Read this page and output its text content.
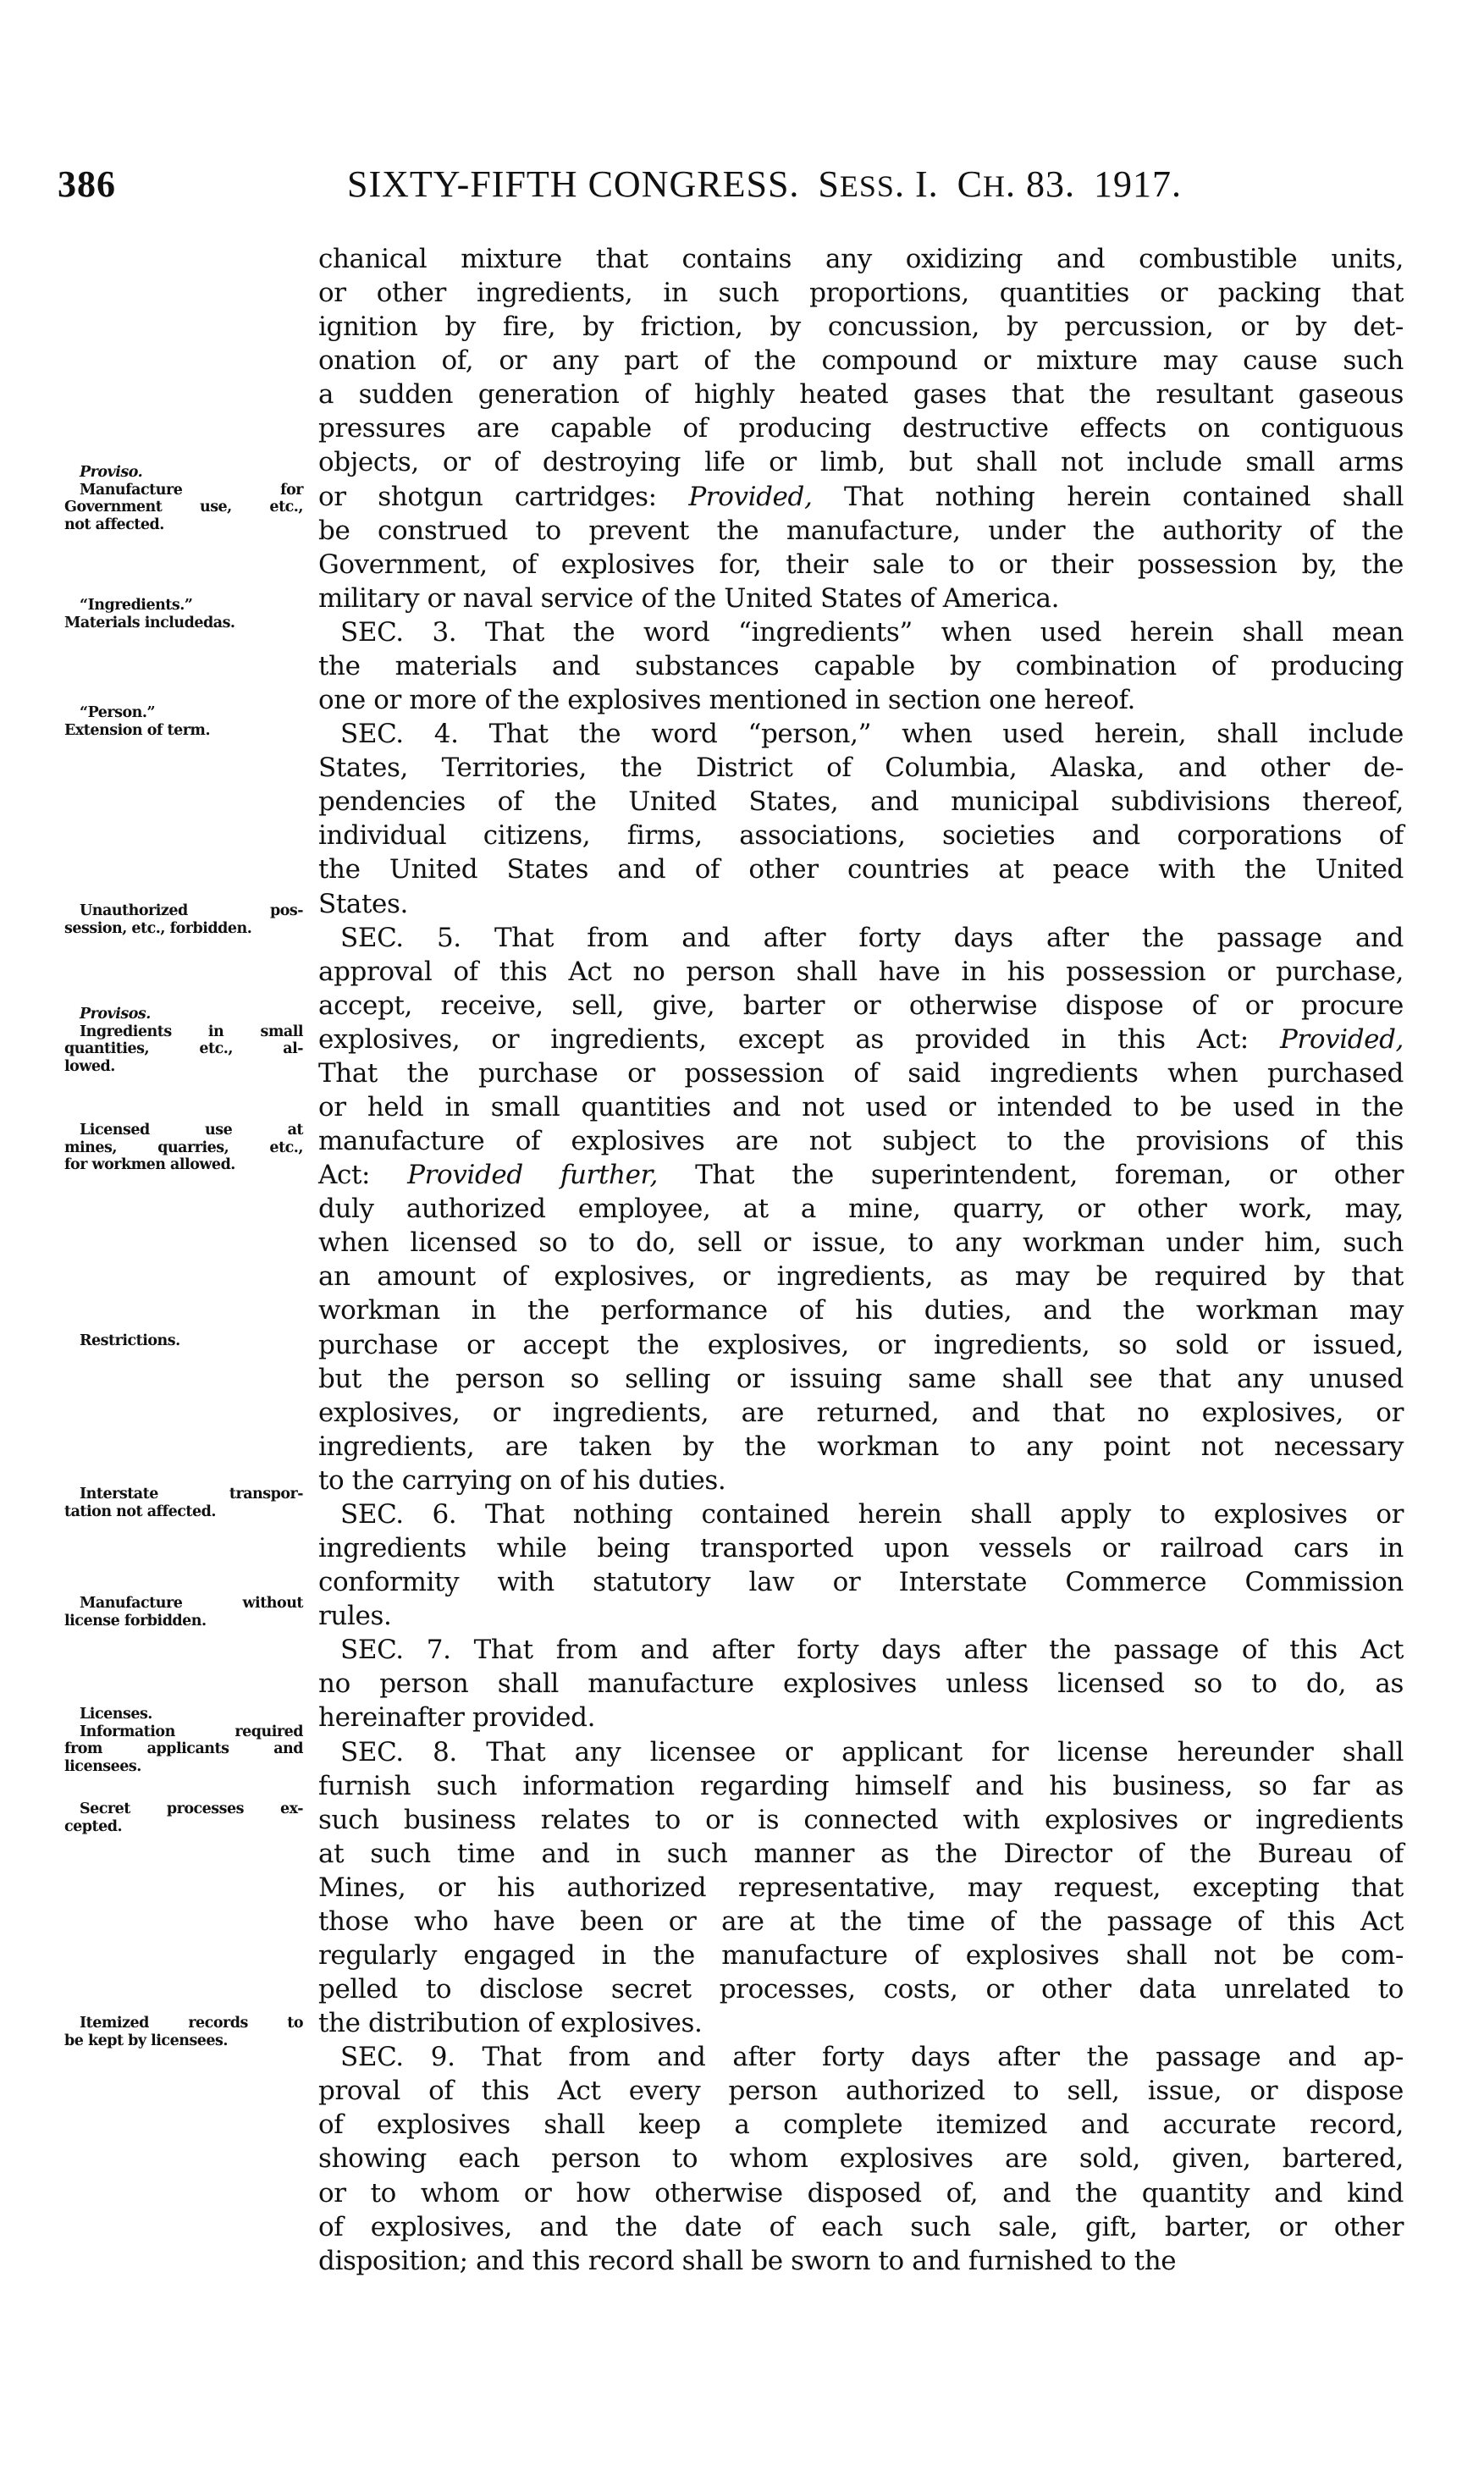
386	SIXTY-FIFTH CONGRESS. SESS. I. CH. 83. 1917.
chanical mixture that contains any oxidizing and combustible units,
or other ingredients, in such proportions, quantities or packing that
ignition by fire, by friction, by concussion, by percussion, or by det-
onation of, or any part of the compound or mixture may cause such
a sudden generation of highly heated gases that the resultant gaseous
pressures are capable of producing destructive effects on contiguous
objects, or of destroying life or limb, but shall not include small arms
or shotgun cartridges: Provided, That nothing herein contained shall
be construed to prevent the manufacture, under the authority of the
Government, of explosives for, their sale to or their possession by, the
military or naval service of the United States of America.
SEC. 3. That the word “ingredients” when used herein shall mean
the materials and substances capable by combination of producing
one or more of the explosives mentioned in section one hereof.
SEC. 4. That the word “person,” when used herein, shall include
States, Territories, the District of Columbia, Alaska, and other de-
pendencies of the United States, and municipal subdivisions thereof,
individual citizens, firms, associations, societies and corporations of
the United States and of other countries at peace with the United
States.
SEC. 5. That from and after forty days after the passage and
approval of this Act no person shall have in his possession or purchase,
accept, receive, sell, give, barter or otherwise dispose of or procure
explosives, or ingredients, except as provided in this Act: Provided,
That the purchase or possession of said ingredients when purchased
or held in small quantities and not used or intended to be used in the
manufacture of explosives are not subject to the provisions of this
Act: Provided further, That the superintendent, foreman, or other
duly authorized employee, at a mine, quarry, or other work, may,
when licensed so to do, sell or issue, to any workman under him, such
an amount of explosives, or ingredients, as may be required by that
workman in the performance of his duties, and the workman may
purchase or accept the explosives, or ingredients, so sold or issued,
but the person so selling or issuing same shall see that any unused
explosives, or ingredients, are returned, and that no explosives, or
ingredients, are taken by the workman to any point not necessary
to the carrying on of his duties.
SEC. 6. That nothing contained herein shall apply to explosives or
ingredients while being transported upon vessels or railroad cars in
conformity with statutory law or Interstate Commerce Commission
rules.
SEC. 7. That from and after forty days after the passage of this Act
no person shall manufacture explosives unless licensed so to do, as
hereinafter provided.
SEC. 8. That any licensee or applicant for license hereunder shall
furnish such information regarding himself and his business, so far as
such business relates to or is connected with explosives or ingredients
at such time and in such manner as the Director of the Bureau of
Mines, or his authorized representative, may request, excepting that
those who have been or are at the time of the passage of this Act
regularly engaged in the manufacture of explosives shall not be com-
pelled to disclose secret processes, costs, or other data unrelated to
the distribution of explosives.
SEC. 9. That from and after forty days after the passage and ap-
proval of this Act every person authorized to sell, issue, or dispose
of explosives shall keep a complete itemized and accurate record,
showing each person to whom explosives are sold, given, bartered,
or to whom or how otherwise disposed of, and the quantity and kind
of explosives, and the date of each such sale, gift, barter, or other
disposition; and this record shall be sworn to and furnished to the
Proviso.
Manufacture for
Government use, etc.,
not affected.
“Ingredients.”
Materials includedas.
“Person.”
Extension of term.
Unauthorized pos-
session, etc., forbidden.
Provisos.
Ingredients in small
quantities, etc., al-
lowed.
Licensed use at
mines, quarries, etc.,
for workmen allowed.
Restrictions.
Interstate transpor-
tation not affected.
Manufacture without
license forbidden.
Licenses.
Information required
from applicants and
licensees.
Secret processes ex-
cepted.
Itemized records to
be kept by licensees.
